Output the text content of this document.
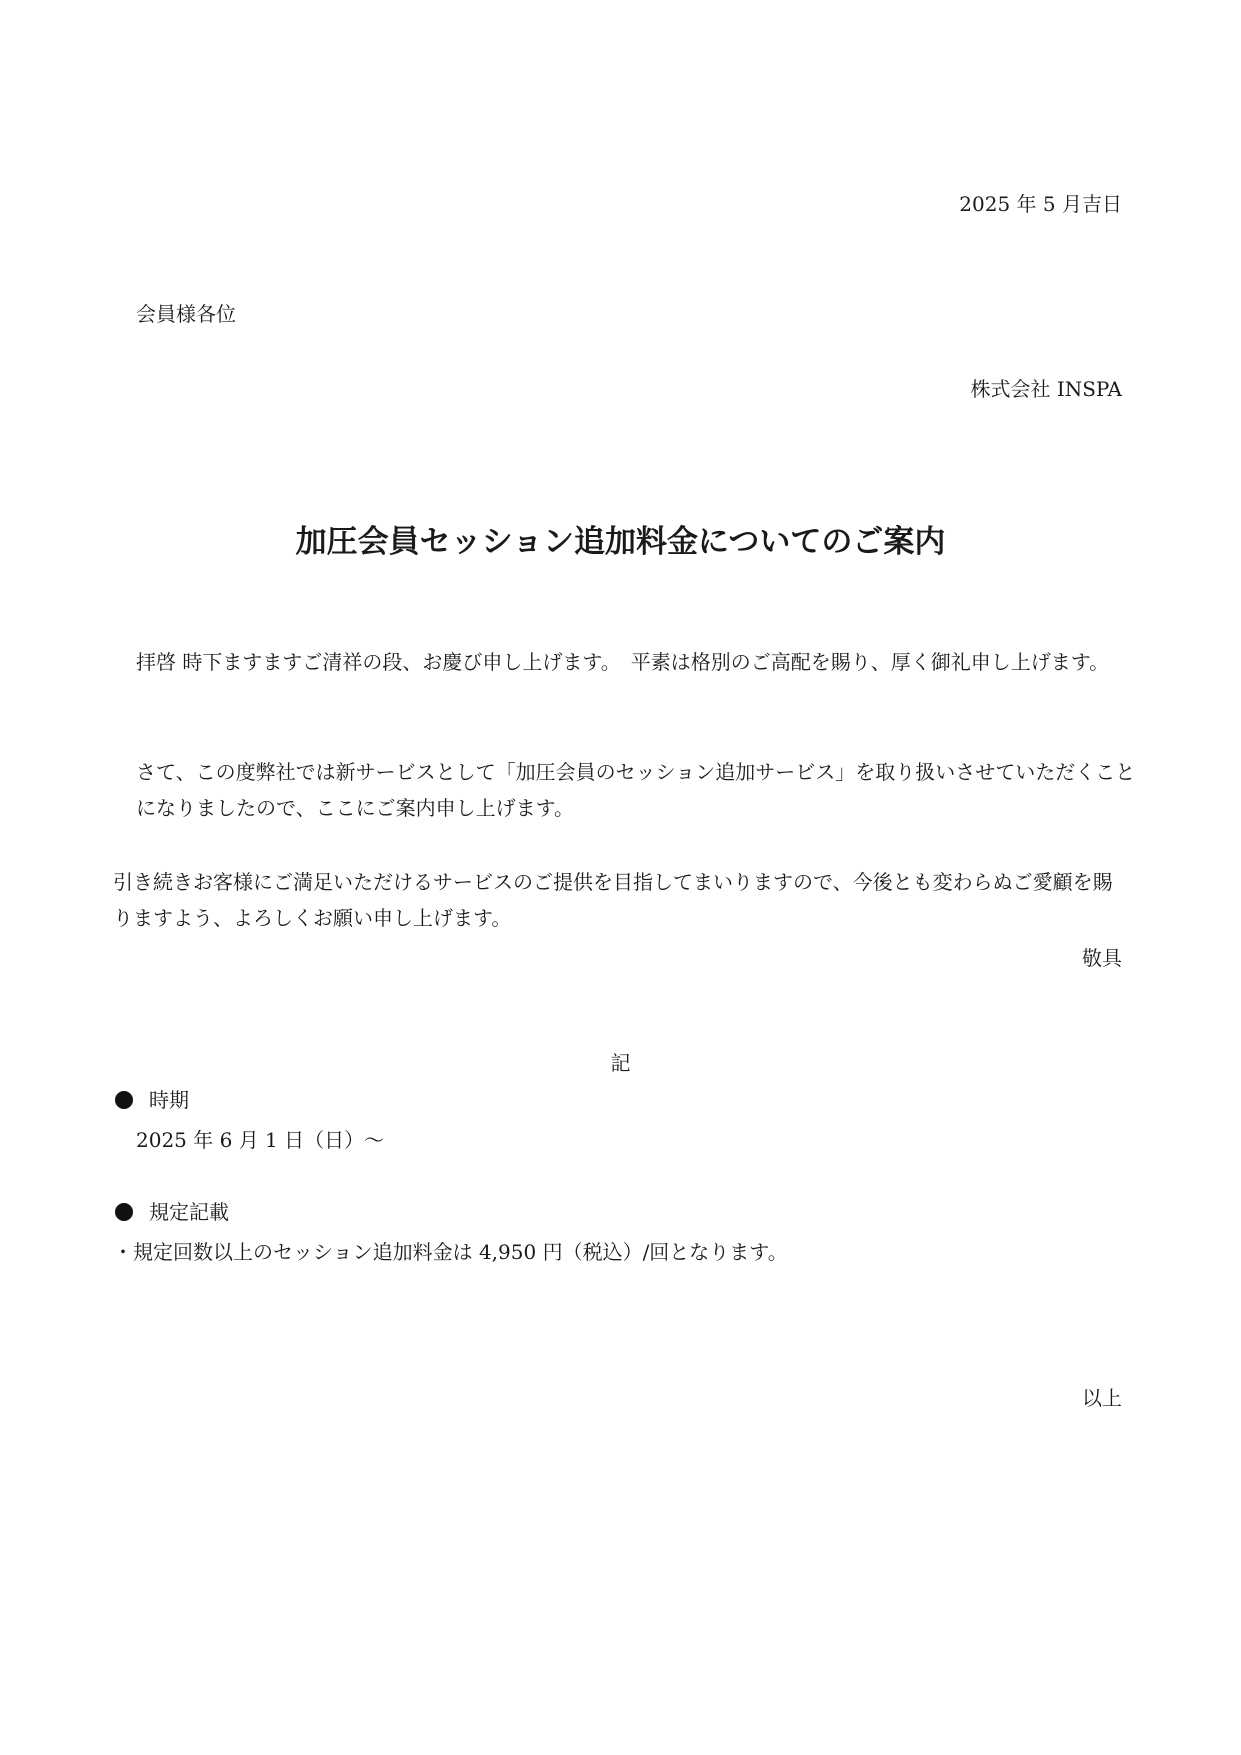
2025 年 5 月吉日
会員様各位
株式会社 INSPA
加圧会員セッション追加料金についてのご案内
拝啓 時下ますますご清祥の段、お慶び申し上げます。　平素は格別のご高配を賜り、厚く御礼申し上げます。
さて、この度弊社では新サービスとして「加圧会員のセッション追加サービス」を取り扱いさせていただくことになりましたので、ここにご案内申し上げます。
引き続きお客様にご満足いただけるサービスのご提供を目指してまいりますので、今後とも変わらぬご愛顧を賜りますよう、よろしくお願い申し上げます。
敬具
記
時期
2025 年 6 月 1 日（日）～
規定記載
・規定回数以上のセッション追加料金は 4,950 円（税込）/回となります。
以上
